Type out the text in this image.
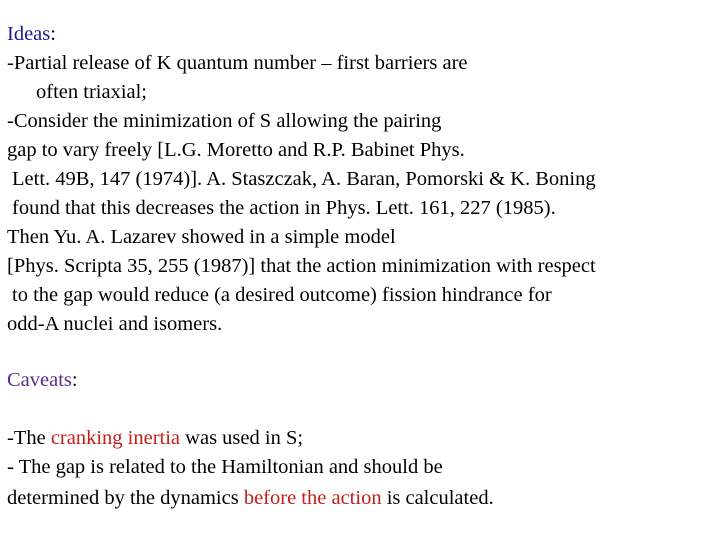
Ideas:
-Partial release of K quantum number – first barriers are
often triaxial;
-Consider the minimization of S allowing the pairing
gap to vary freely [L.G. Moretto and R.P. Babinet Phys.
Lett. 49B, 147 (1974)]. A. Staszczak, A. Baran, Pomorski & K. Boning
found that this decreases the action in Phys. Lett. 161, 227 (1985).
Then Yu. A. Lazarev showed in a simple model
[Phys. Scripta 35, 255 (1987)] that the action minimization with respect
to the gap would reduce (a desired outcome) fission hindrance for
odd-A nuclei and isomers.
Caveats:
-The cranking inertia was used in S;
- The gap is related to the Hamiltonian and should be
determined by the dynamics before the action is calculated.
